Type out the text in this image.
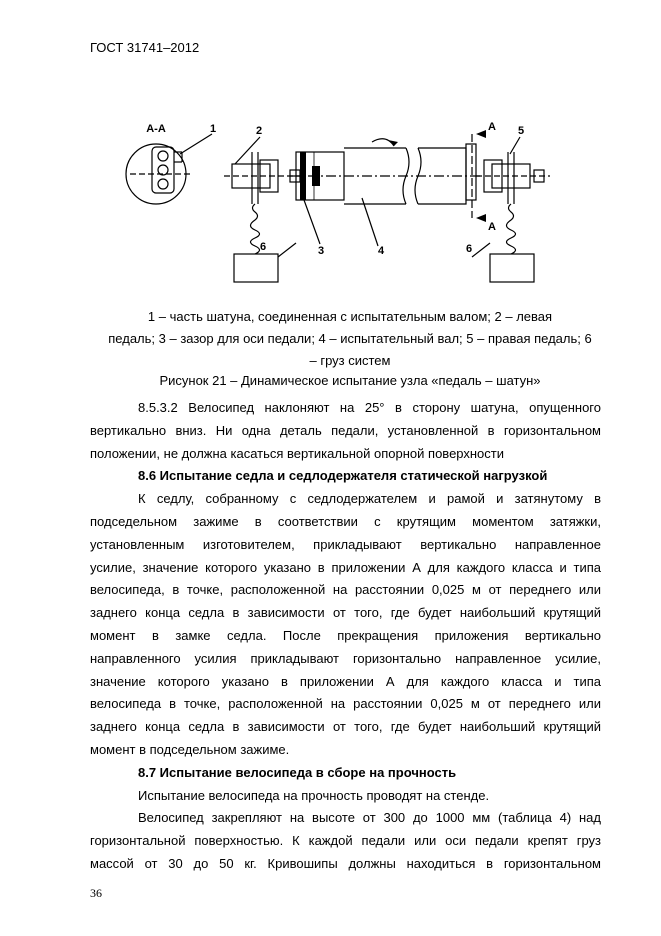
ГОСТ 31741–2012
А-А	1	2
3	4
5
6	6
А
А
1 – часть шатуна, соединенная с испытательным валом; 2 – левая
педаль; 3 – зазор для оси педали; 4 – испытательный вал; 5 – правая педаль; 6
– груз систем
Рисунок 21 – Динамическое испытание узла «педаль – шатун»

8.5.3.2 Велосипед наклоняют на 25° в сторону шатуна, опущенного

вертикально вниз. Ни одна деталь педали, установленной в горизонтальном

положении, не должна касаться вертикальной опорной поверхности

8.6 Испытание седла и седлодержателя статической нагрузкой

К седлу, собранному с седлодержателем и рамой и затянутому в

подседельном зажиме в соответствии с крутящим моментом затяжки,

установленным изготовителем, прикладывают вертикально направленное

усилие, значение которого указано в приложении А для каждого класса и типа

велосипеда, в точке, расположенной на расстоянии 0,025 м от переднего или

заднего конца седла в зависимости от того, где будет наибольший крутящий

момент в замке седла. После прекращения приложения вертикально

направленного усилия прикладывают горизонтально направленное усилие,

значение которого указано в приложении А для каждого класса и типа

велосипеда в точке, расположенной на расстоянии 0,025 м от переднего или

заднего конца седла в зависимости от того, где будет наибольший крутящий

момент в подседельном зажиме.

8.7 Испытание велосипеда в сборе на прочность

Испытание велосипеда на прочность проводят на стенде.

Велосипед закрепляют на высоте от 300 до 1000 мм (таблица 4) над

горизонтальной поверхностью. К каждой педали или оси педали крепят груз

массой от 30 до 50 кг. Кривошипы должны находиться в горизонтальном

36
